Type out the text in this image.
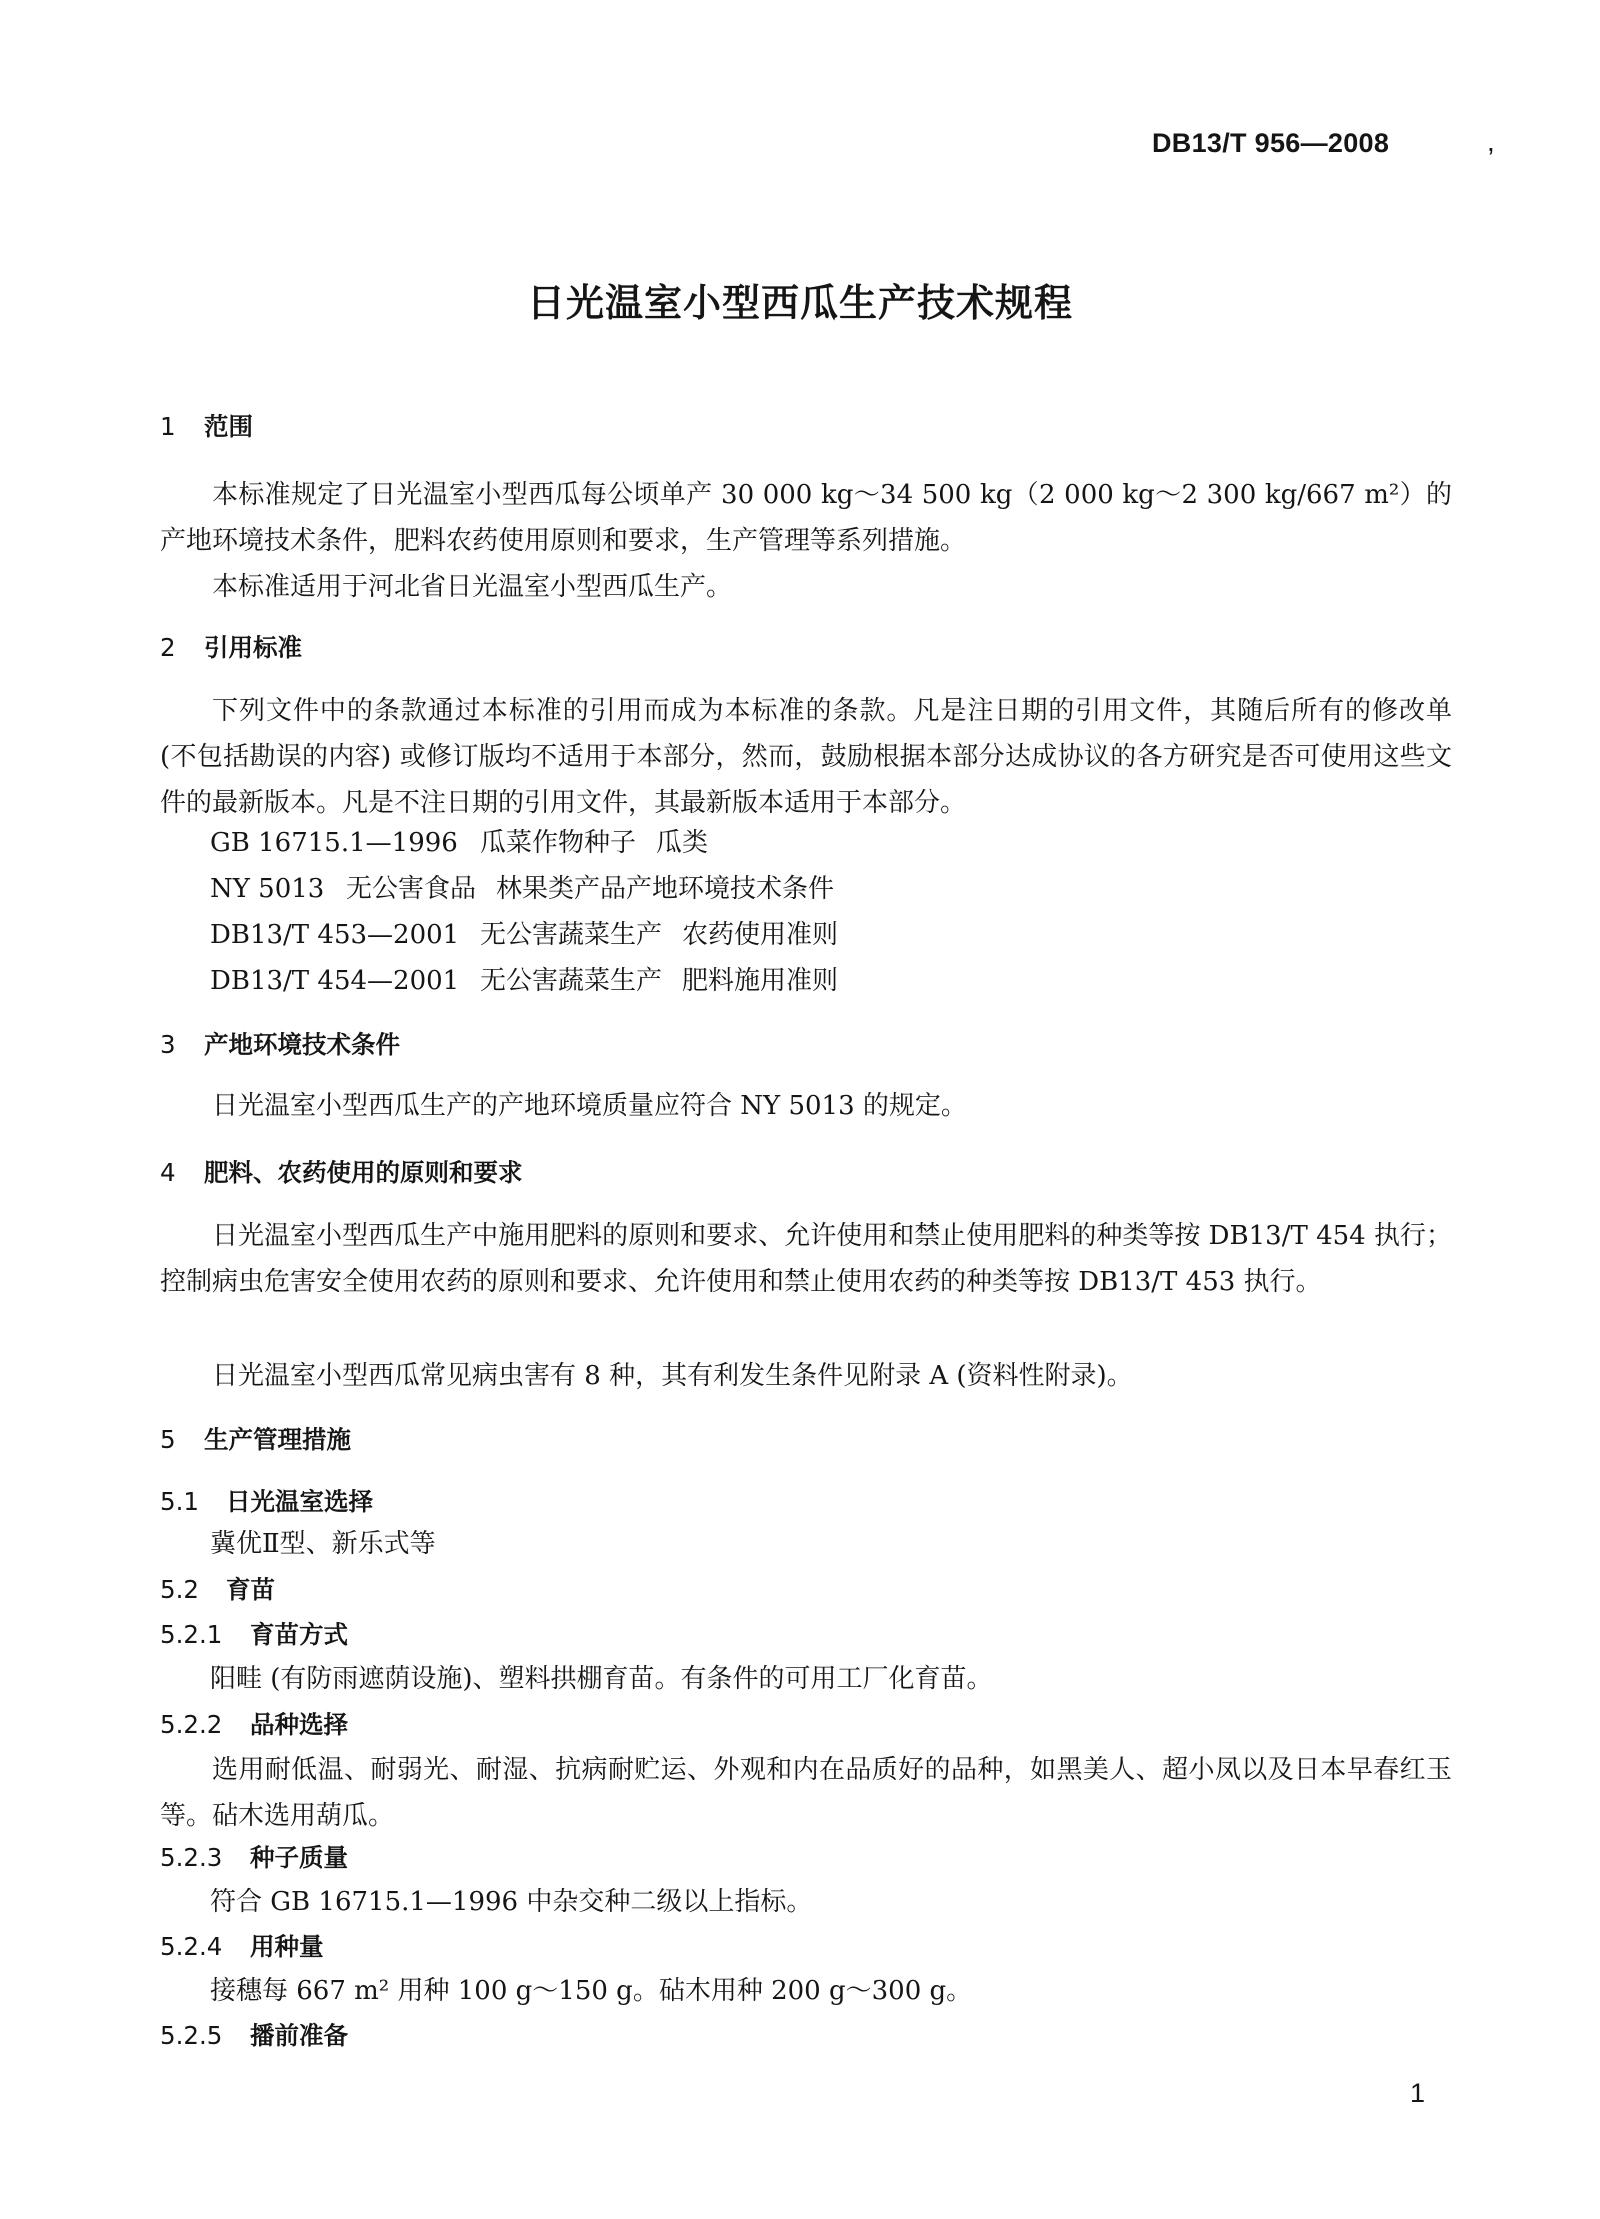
DB13/T 956—2008	,
日光温室小型西瓜生产技术规程
1 范围
本标准规定了日光温室小型西瓜每公顷单产 30 000 kg～34 500 kg（2 000 kg～2 300 kg/667 m²）的产地环境技术条件，肥料农药使用原则和要求，生产管理等系列措施。
本标准适用于河北省日光温室小型西瓜生产。
2 引用标准
下列文件中的条款通过本标准的引用而成为本标准的条款。凡是注日期的引用文件，其随后所有的修改单 (不包括勘误的内容) 或修订版均不适用于本部分，然而，鼓励根据本部分达成协议的各方研究是否可使用这些文件的最新版本。凡是不注日期的引用文件，其最新版本适用于本部分。
GB 16715.1—1996 瓜菜作物种子 瓜类
NY 5013 无公害食品 林果类产品产地环境技术条件
DB13/T 453—2001 无公害蔬菜生产 农药使用准则
DB13/T 454—2001 无公害蔬菜生产 肥料施用准则
3 产地环境技术条件
日光温室小型西瓜生产的产地环境质量应符合 NY 5013 的规定。
4 肥料、农药使用的原则和要求
日光温室小型西瓜生产中施用肥料的原则和要求、允许使用和禁止使用肥料的种类等按 DB13/T 454 执行；控制病虫危害安全使用农药的原则和要求、允许使用和禁止使用农药的种类等按 DB13/T 453 执行。
日光温室小型西瓜常见病虫害有 8 种，其有利发生条件见附录 A (资料性附录)。
5 生产管理措施
5.1 日光温室选择
冀优Ⅱ型、新乐式等
5.2 育苗
5.2.1 育苗方式
阳畦 (有防雨遮荫设施)、塑料拱棚育苗。有条件的可用工厂化育苗。
5.2.2 品种选择
选用耐低温、耐弱光、耐湿、抗病耐贮运、外观和内在品质好的品种，如黑美人、超小凤以及日本早春红玉等。砧木选用葫瓜。
5.2.3 种子质量
符合 GB 16715.1—1996 中杂交种二级以上指标。
5.2.4 用种量
接穗每 667 m² 用种 100 g～150 g。砧木用种 200 g～300 g。
5.2.5 播前准备
1
